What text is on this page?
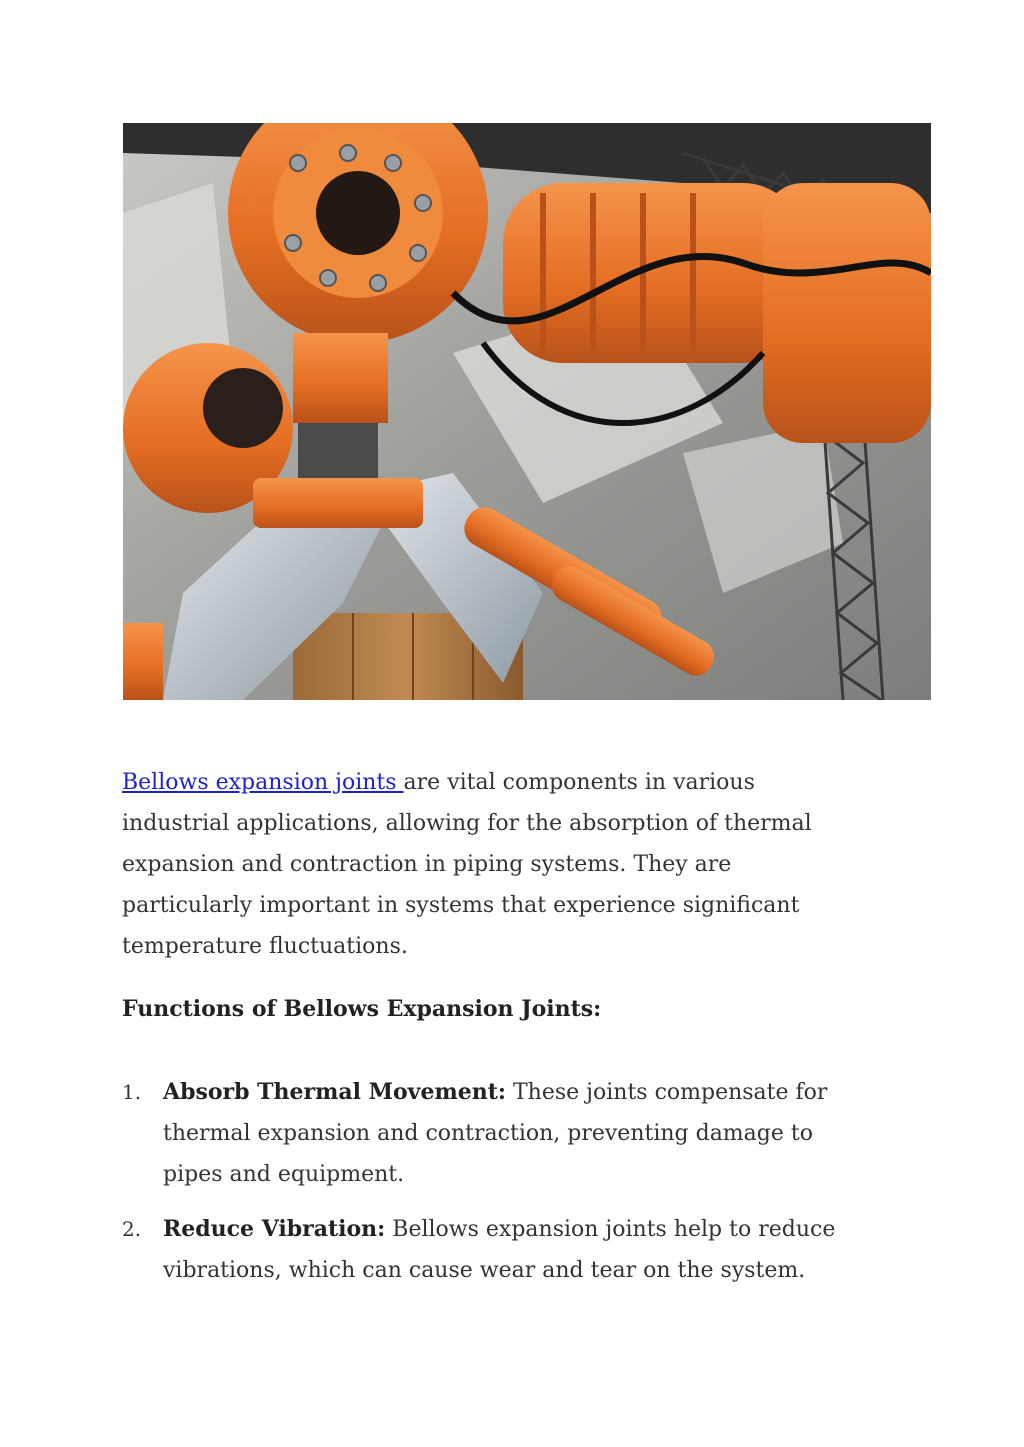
Bellows expansion joints are vital components in various industrial applications, allowing for the absorption of thermal expansion and contraction in piping systems. They are particularly important in systems that experience significant temperature fluctuations.

Functions of Bellows Expansion Joints:
1. Absorb Thermal Movement: These joints compensate for thermal expansion and contraction, preventing damage to pipes and equipment.
2. Reduce Vibration: Bellows expansion joints help to reduce vibrations, which can cause wear and tear on the system.
